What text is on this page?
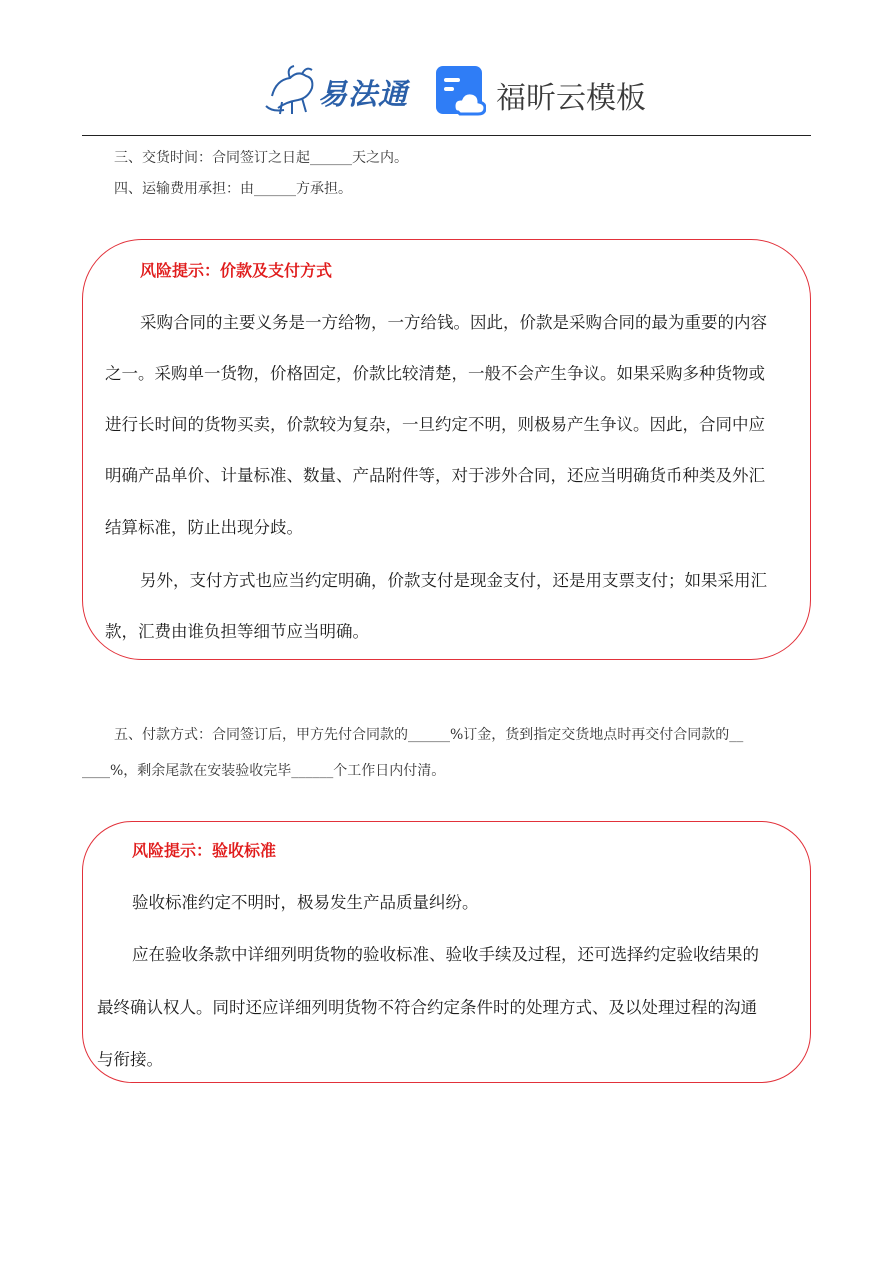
易法通	福昕云模板
三、交货时间：合同签订之日起______天之内。
四、运输费用承担：由______方承担。
风险提示：价款及支付方式
采购合同的主要义务是一方给物，一方给钱。因此，价款是采购合同的最为重要的内容
之一。采购单一货物，价格固定，价款比较清楚，一般不会产生争议。如果采购多种货物或
进行长时间的货物买卖，价款较为复杂，一旦约定不明，则极易产生争议。因此，合同中应
明确产品单价、计量标准、数量、产品附件等，对于涉外合同，还应当明确货币种类及外汇
结算标准，防止出现分歧。
另外，支付方式也应当约定明确，价款支付是现金支付，还是用支票支付；如果采用汇
款，汇费由谁负担等细节应当明确。
五、付款方式：合同签订后，甲方先付合同款的______%订金，货到指定交货地点时再交付合同款的__
____%，剩余尾款在安装验收完毕______个工作日内付清。
风险提示：验收标准
验收标准约定不明时，极易发生产品质量纠纷。
应在验收条款中详细列明货物的验收标准、验收手续及过程，还可选择约定验收结果的
最终确认权人。同时还应详细列明货物不符合约定条件时的处理方式、及以处理过程的沟通
与衔接。
